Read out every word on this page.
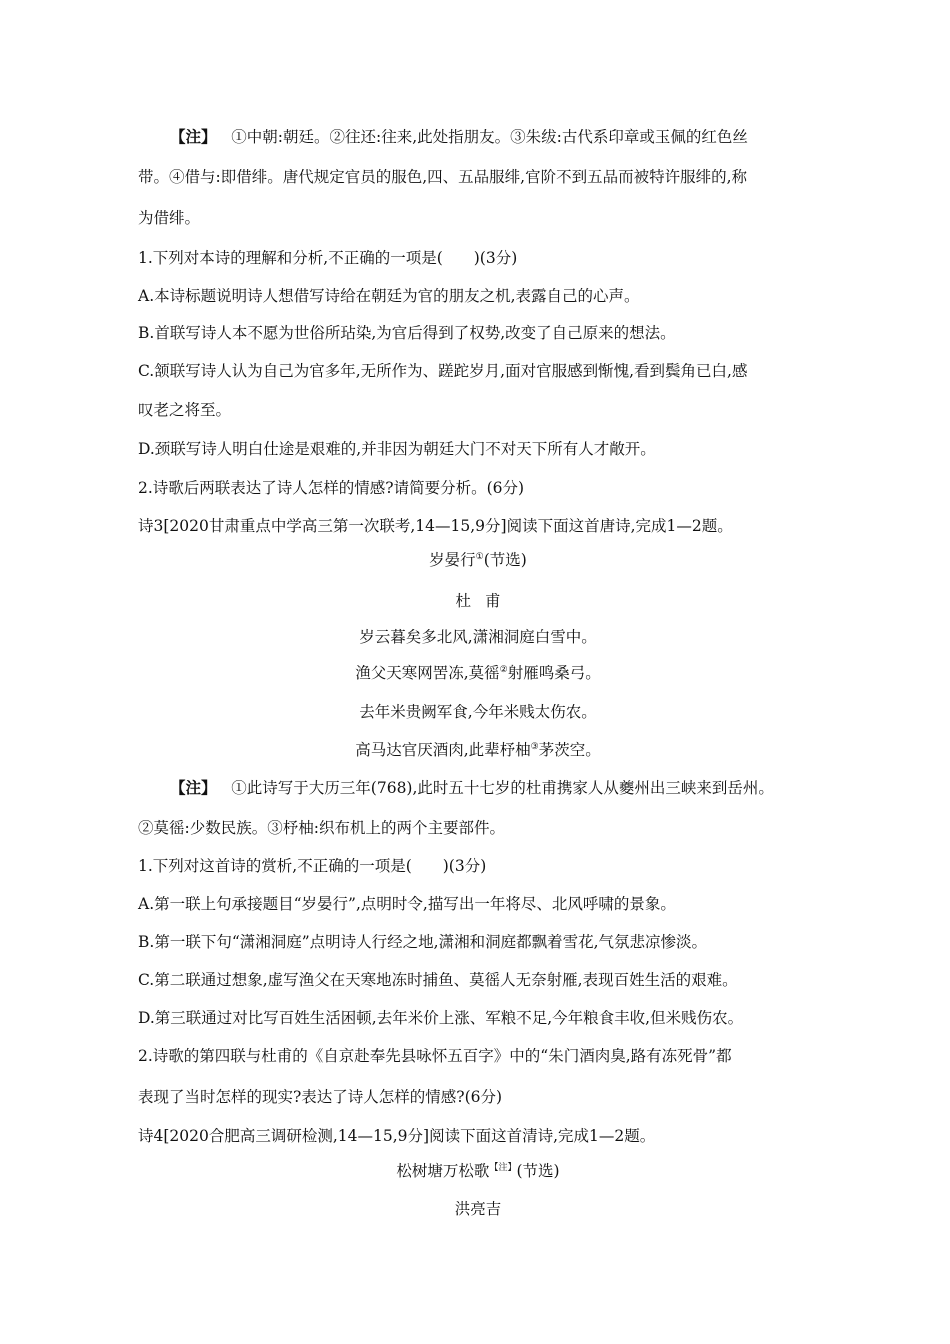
【注】 ①中朝:朝廷。②往还:往来,此处指朋友。③朱绂:古代系印章或玉佩的红色丝
带。④借与:即借绯。唐代规定官员的服色,四、五品服绯,官阶不到五品而被特许服绯的,称
为借绯。
1.下列对本诗的理解和分析,不正确的一项是(　　)(3分)
A.本诗标题说明诗人想借写诗给在朝廷为官的朋友之机,表露自己的心声。
B.首联写诗人本不愿为世俗所玷染,为官后得到了权势,改变了自己原来的想法。
C.颔联写诗人认为自己为官多年,无所作为、蹉跎岁月,面对官服感到惭愧,看到鬓角已白,感
叹老之将至。
D.颈联写诗人明白仕途是艰难的,并非因为朝廷大门不对天下所有人才敞开。
2.诗歌后两联表达了诗人怎样的情感?请简要分析。(6分)
诗3[2020甘肃重点中学高三第一次联考,14—15,9分]阅读下面这首唐诗,完成1—2题。
岁晏行①(节选)
杜甫
岁云暮矣多北风,潇湘洞庭白雪中。
渔父天寒网罟冻,莫徭②射雁鸣桑弓。
去年米贵阙军食,今年米贱太伤农。
高马达官厌酒肉,此辈杼柚③茅茨空。
【注】 ①此诗写于大历三年(768),此时五十七岁的杜甫携家人从夔州出三峡来到岳州。
②莫徭:少数民族。③杼柚:织布机上的两个主要部件。
1.下列对这首诗的赏析,不正确的一项是(　　)(3分)
A.第一联上句承接题目“岁晏行”,点明时令,描写出一年将尽、北风呼啸的景象。
B.第一联下句“潇湘洞庭”点明诗人行经之地,潇湘和洞庭都飘着雪花,气氛悲凉惨淡。
C.第二联通过想象,虚写渔父在天寒地冻时捕鱼、莫徭人无奈射雁,表现百姓生活的艰难。
D.第三联通过对比写百姓生活困顿,去年米价上涨、军粮不足,今年粮食丰收,但米贱伤农。
2.诗歌的第四联与杜甫的《自京赴奉先县咏怀五百字》中的“朱门酒肉臭,路有冻死骨”都
表现了当时怎样的现实?表达了诗人怎样的情感?(6分)
诗4[2020合肥高三调研检测,14—15,9分]阅读下面这首清诗,完成1—2题。
松树塘万松歌$^{【注】}$(节选)
洪亮吉
